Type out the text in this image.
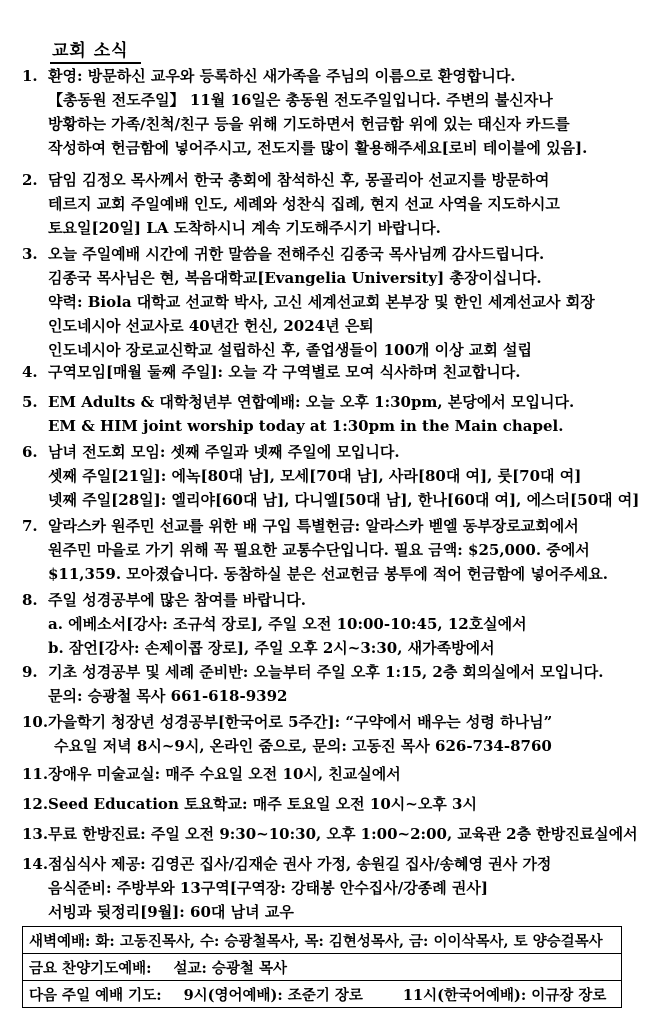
교회 소식
1. 환영: 방문하신 교우와 등록하신 새가족을 주님의 이름으로 환영합니다.
【총동원 전도주일】 11월 16일은 총동원 전도주일입니다. 주변의 불신자나
방황하는 가족/친척/친구 등을 위해 기도하면서 헌금함 위에 있는 태신자 카드를
작성하여 헌금함에 넣어주시고, 전도지를 많이 활용해주세요[로비 테이블에 있음].
2. 담임 김정오 목사께서 한국 총회에 참석하신 후, 몽골리아 선교지를 방문하여
테르지 교회 주일예배 인도, 세례와 성찬식 집례, 현지 선교 사역을 지도하시고
토요일[20일] LA 도착하시니 계속 기도해주시기 바랍니다.
3. 오늘 주일예배 시간에 귀한 말씀을 전해주신 김종국 목사님께 감사드립니다.
김종국 목사님은 현, 복음대학교[Evangelia University] 총장이십니다.
약력: Biola 대학교 선교학 박사, 고신 세계선교회 본부장 및 한인 세계선교사 회장
인도네시아 선교사로 40년간 헌신, 2024년 은퇴
인도네시아 장로교신학교 설립하신 후, 졸업생들이 100개 이상 교회 설립
4. 구역모임[매월 둘째 주일]: 오늘 각 구역별로 모여 식사하며 친교합니다.
5. EM Adults & 대학청년부 연합예배: 오늘 오후 1:30pm, 본당에서 모입니다.
EM & HIM joint worship today at 1:30pm in the Main chapel.
6. 남녀 전도회 모임: 셋째 주일과 넷째 주일에 모입니다.
셋째 주일[21일]: 에녹[80대 남], 모세[70대 남], 사라[80대 여], 룻[70대 여]
넷째 주일[28일]: 엘리야[60대 남], 다니엘[50대 남], 한나[60대 여], 에스더[50대 여]
7. 알라스카 원주민 선교를 위한 배 구입 특별헌금: 알라스카 벧엘 동부장로교회에서
원주민 마을로 가기 위해 꼭 필요한 교통수단입니다. 필요 금액: $25,000. 중에서
$11,359. 모아졌습니다. 동참하실 분은 선교헌금 봉투에 적어 헌금함에 넣어주세요.
8. 주일 성경공부에 많은 참여를 바랍니다.
a. 에베소서[강사: 조규석 장로], 주일 오전 10:00-10:45, 12호실에서
b. 잠언[강사: 손제이콥 장로], 주일 오후 2시~3:30, 새가족방에서
9. 기초 성경공부 및 세례 준비반: 오늘부터 주일 오후 1:15, 2층 회의실에서 모입니다.
문의: 승광철 목사 661-618-9392
10.가을학기 청장년 성경공부[한국어로 5주간]: “구약에서 배우는 성령 하나님”
수요일 저녁 8시~9시, 온라인 줌으로, 문의: 고동진 목사 626-734-8760
11.장애우 미술교실: 매주 수요일 오전 10시, 친교실에서
12.Seed Education 토요학교: 매주 토요일 오전 10시~오후 3시
13.무료 한방진료: 주일 오전 9:30~10:30, 오후 1:00~2:00, 교육관 2층 한방진료실에서
14.점심식사 제공: 김영곤 집사/김재순 권사 가정, 송원길 집사/송혜영 권사 가정
음식준비: 주방부와 13구역[구역장: 강태봉 안수집사/강종례 권사]
서빙과 뒷정리[9월]: 60대 남녀 교우
새벽예배: 화: 고동진목사, 수: 승광철목사, 목: 김현성목사, 금: 이이삭목사, 토 양승걸목사
금요 찬양기도예배: 설교: 승광철 목사
다음 주일 예배 기도: 9시(영어예배): 조준기 장로	11시(한국어예배): 이규장 장로
